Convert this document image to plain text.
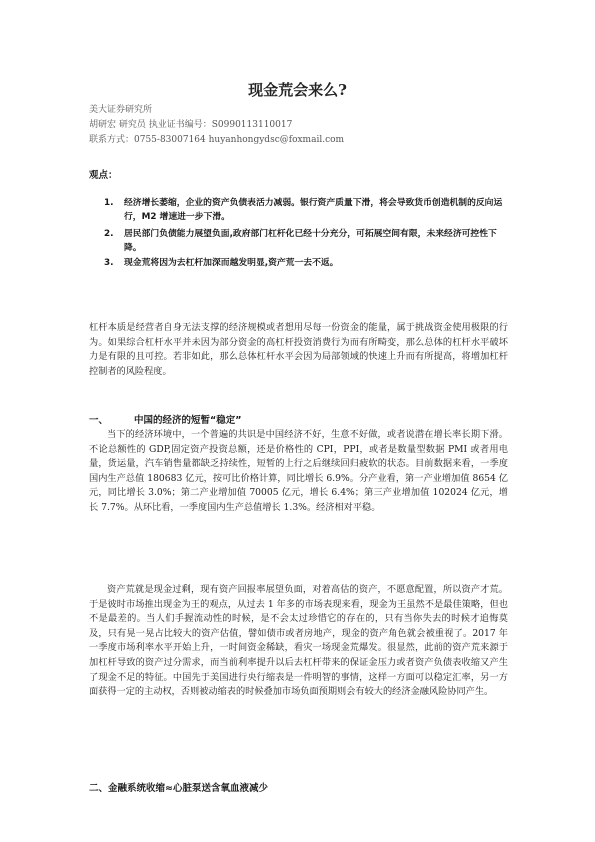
现金荒会来么?
美大证券研究所
胡研宏 研究员 执业证书编号：S0990113110017
联系方式：0755-83007164 huyanhongydsc@foxmail.com
观点：
1. 经济增长萎缩，企业的资产负债表活力减弱。银行资产质量下滑，将会导致货币创造机制的反向运行，M2 增速进一步下滑。
2. 居民部门负债能力展望负面,政府部门杠杆化已经十分充分，可拓展空间有限，未来经济可控性下降。
3. 现金荒将因为去杠杆加深而越发明显,资产荒一去不返。
杠杆本质是经营者自身无法支撑的经济规模或者想用尽每一份资金的能量，属于挑战资金使用极限的行为。如果综合杠杆水平并未因为部分资金的高杠杆投资消费行为而有所畸变，那么总体的杠杆水平破坏力是有限的且可控。若非如此，那么总体杠杆水平会因为局部领域的快速上升而有所提高，将增加杠杆控制者的风险程度。
一、	中国的经济的短暂“稳定”
当下的经济环境中，一个普遍的共识是中国经济不好，生意不好做，或者说潜在增长率长期下滑。不论总额性的 GDP,固定资产投资总额，还是价格性的 CPI，PPI，或者是数量型数据 PMI 或者用电量，货运量，汽车销售量都缺乏持续性，短暂的上行之后继续回归疲软的状态。目前数据来看，一季度国内生产总值 180683 亿元，按可比价格计算，同比增长 6.9%。分产业看，第一产业增加值 8654 亿元，同比增长 3.0%；第二产业增加值 70005 亿元，增长 6.4%；第三产业增加值 102024 亿元，增长 7.7%。从环比看，一季度国内生产总值增长 1.3%。经济相对平稳。
资产荒就是现金过剩，现有资产回报率展望负面，对着高估的资产，不愿意配置，所以资产才荒。于是彼时市场推出现金为王的观点，从过去 1 年多的市场表现来看，现金为王虽然不是最佳策略，但也不是最差的。当人们手握流动性的时候，是不会太过珍惜它的存在的，只有当你失去的时候才追悔莫及，只有晃一晃占比较大的资产估值，譬如债市或者房地产，现金的资产角色就会被重视了。2017 年一季度市场利率水平开始上升，一时间资金稀缺，看灾一场现金荒爆发。很显然，此前的资产荒来源于加杠杆导致的资产过分需求，而当前利率提升以后去杠杆带来的保证金压力或者资产负债表收缩又产生了现金不足的特征。中国先于美国进行央行缩表是一件明智的事情，这样一方面可以稳定汇率，另一方面获得一定的主动权，否则被动缩表的时候叠加市场负面预期则会有较大的经济金融风险协同产生。
二、金融系统收缩≈心脏泵送含氧血液减少
